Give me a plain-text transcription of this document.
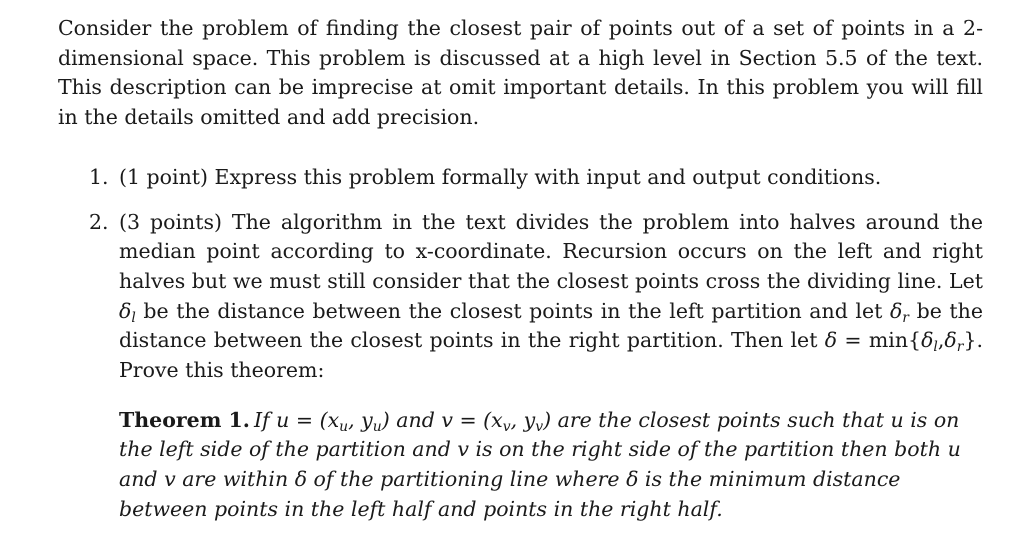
Consider the problem of finding the closest pair of points out of a set of points in a 2-dimensional space. This problem is discussed at a high level in Section 5.5 of the text. This description can be imprecise at omit important details. In this problem you will fill in the details omitted and add precision.

1. (1 point) Express this problem formally with input and output conditions.
2. (3 points) The algorithm in the text divides the problem into halves around the median point according to x-coordinate. Recursion occurs on the left and right halves but we must still consider that the closest points cross the dividing line. Let $\delta_l$ be the distance between the closest points in the left partition and let $\delta_r$ be the distance between the closest points in the right partition. Then let $\delta = \min\{\delta_l,\delta_r\}$. Prove this theorem:
Theorem 1. If $u = (x_u$, $y_u$) and $v = (x_v$, $y_v$) are the closest points such that u is on the left side of the partition and v is on the right side of the partition then both u and v are within δ of the partitioning line where δ is the minimum distance between points in the left half and points in the right half.
